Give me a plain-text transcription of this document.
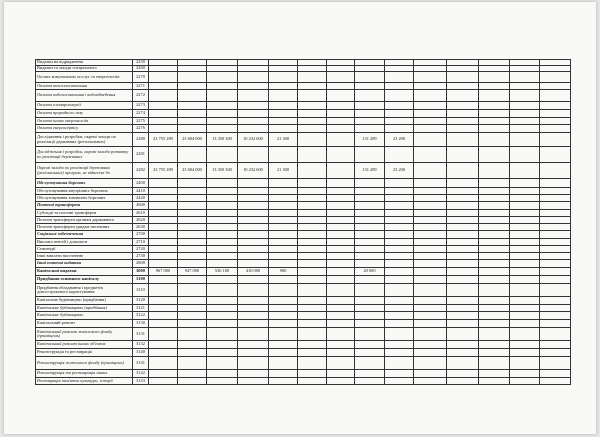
Видатки на відрядження	2250														
Видатки та заходи спеціального	2260														
Оплата комунальних послуг та енергоносіїв	2270														
Оплата теплопостачання	2271														
Оплата водопостачання і водовідведення	2272														
Оплата електроенергії	2273														
Оплата природного газу	2274														
Оплата інших енергоносіїв	2275														
Оплата енергосервісу	2276														
Дослідження і розробки, окремі заходи по реалізації державних (регіональних)	2280	23 755 289	23 604 000	13 350 300	10 232 600	21 300			131 289	23 200					
Дослідження і розробки, окремі заходи розвитку по реалізації державних	2281														
Окремі заходи по реалізації державних (регіональних) програм, не віднесені до	2282	23 755 289	23 604 000	13 350 300	10 232 600	21 300			131 289	23 200					
Обслуговування боргових	2400														
Обслуговування внутрішніх боргових	2410														
Обслуговування зовнішніх боргових	2420														
Поточні трансферти	2600														
Субсидії та поточні трансферти	2610														
Поточні трансферти органам державного	2620														
Поточні трансферти урядам іноземних	2630														
Соціальне забезпечення	2700														
Виплата пенсій і допомоги	2710														
Стипендії	2720														
Інші виплати населенню	2730														
Інші поточні видатки	2800														
Капітальні видатки	3000	967 000	947 000	536 100	410 000	900			20 000						
Придбання основного капіталу	3100														
Придбання обладнання і предметів довгострокового користування	3110														
Капітальне будівництво (придбання)	3120														
Капітальне будівництво (придбання)	3121														
Капітальне будівництво	3122														
Капітальний ремонт	3130														
Капітальний ремонт житлового фонду (приміщень)	3131														
Капітальний ремонт інших об'єктів	3132														
Реконструкція та реставрація	3140														
Реконструкція житлового фонду (приміщень)	3141														
Реконструкція та реставрація інших	3142														
Реставрація пам'яток культури, історії	3143														
